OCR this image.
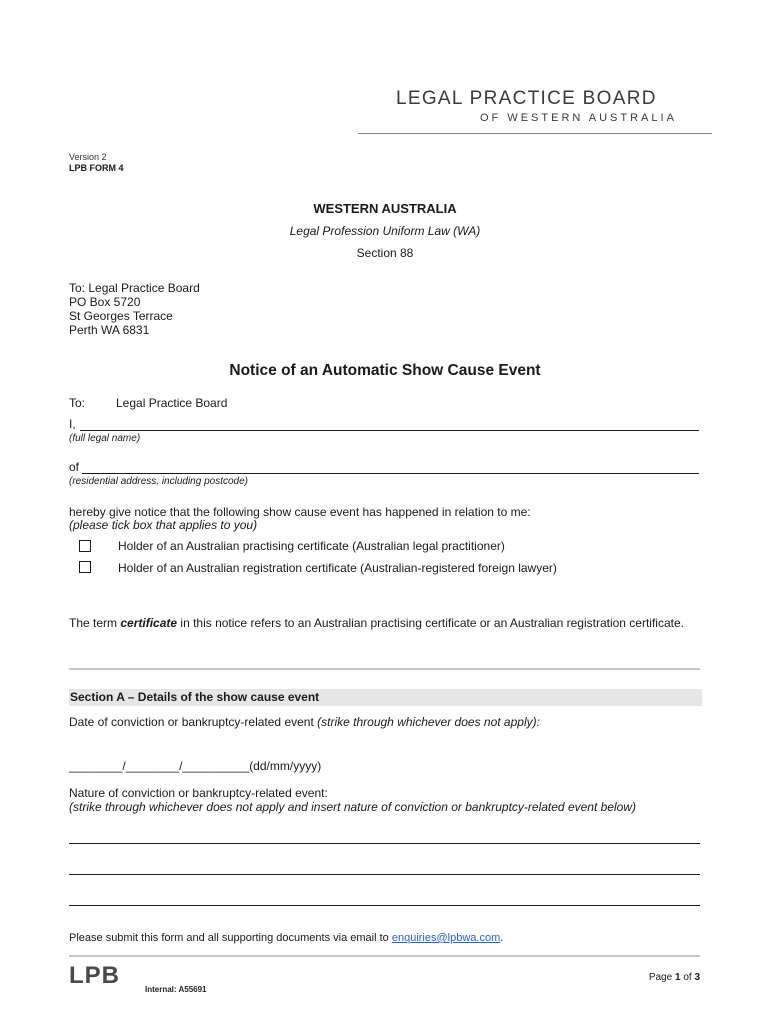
LEGAL PRACTICE BOARD
OF WESTERN AUSTRALIA
Version 2
LPB FORM 4
WESTERN AUSTRALIA
Legal Profession Uniform Law (WA)
Section 88
To: Legal Practice Board
PO Box 5720
St Georges Terrace
Perth WA 6831
Notice of an Automatic Show Cause Event
To:	Legal Practice Board
I,
(full legal name)
of
(residential address, including postcode)
hereby give notice that the following show cause event has happened in relation to me:
(please tick box that applies to you)
Holder of an Australian practising certificate (Australian legal practitioner)
Holder of an Australian registration certificate (Australian-registered foreign lawyer)
The term certificate in this notice refers to an Australian practising certificate or an Australian registration certificate.
Section A – Details of the show cause event
Date of conviction or bankruptcy-related event (strike through whichever does not apply):
________/________/__________(dd/mm/yyyy)
Nature of conviction or bankruptcy-related event:
(strike through whichever does not apply and insert nature of conviction or bankruptcy-related event below)
Please submit this form and all supporting documents via email to enquiries@lpbwa.com.
LPB
Internal: A55691
Page 1 of 3
